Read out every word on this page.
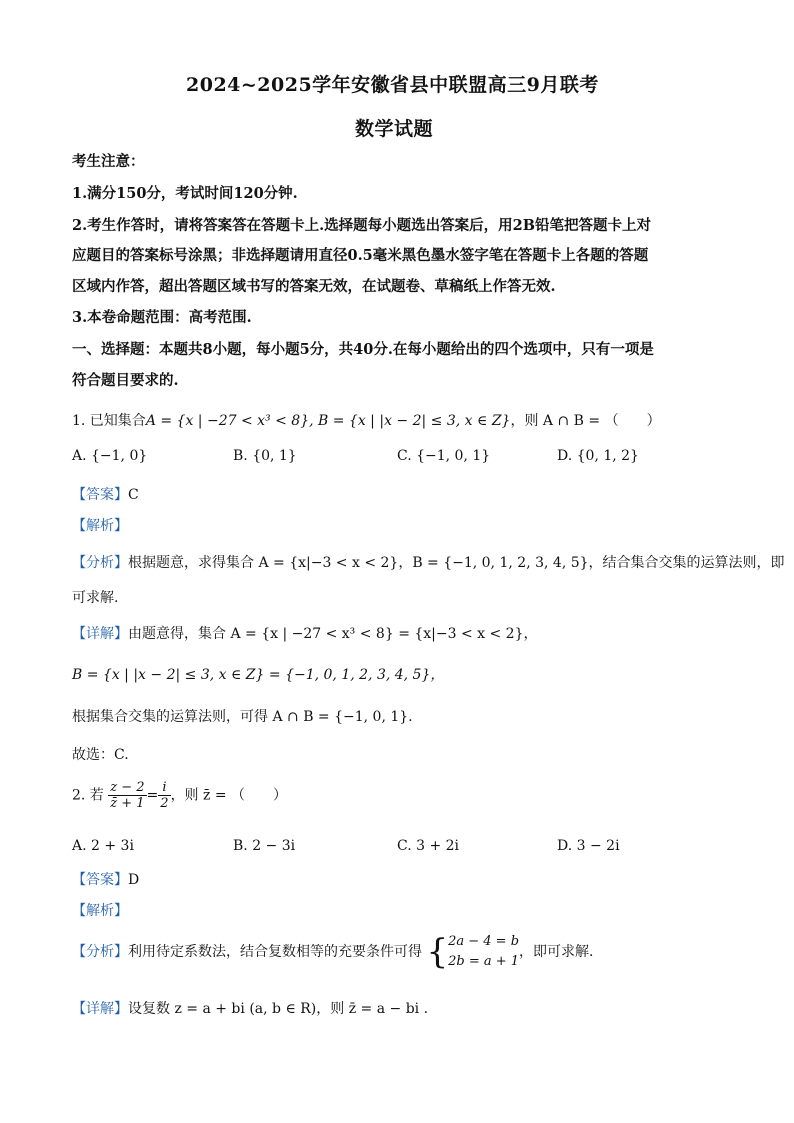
2024~2025学年安徽省县中联盟高三9月联考
数学试题
考生注意：
1.满分150分，考试时间120分钟.
2.考生作答时，请将答案答在答题卡上.选择题每小题选出答案后，用2B铅笔把答题卡上对
应题目的答案标号涂黑；非选择题请用直径0.5毫米黑色墨水签字笔在答题卡上各题的答题
区域内作答，超出答题区域书写的答案无效，在试题卷、草稿纸上作答无效.
3.本卷命题范围：高考范围.
一、选择题：本题共8小题，每小题5分，共40分.在每小题给出的四个选项中，只有一项是
符合题目要求的.
1. 已知集合A = {x | −27 < x³ < 8}, B = {x | |x − 2| ≤ 3, x ∈ Z}，则 A ∩ B = （　　）
A. {−1, 0}	B. {0, 1}	C. {−1, 0, 1}	D. {0, 1, 2}
【答案】C
【解析】
【分析】根据题意，求得集合 A = {x|−3 < x < 2}，B = {−1, 0, 1, 2, 3, 4, 5}，结合集合交集的运算法则，即
可求解.
【详解】由题意得，集合 A = {x | −27 < x³ < 8} = {x|−3 < x < 2}，
B = {x | |x − 2| ≤ 3, x ∈ Z} = {−1, 0, 1, 2, 3, 4, 5}，
根据集合交集的运算法则，可得 A ∩ B = {−1, 0, 1}.
故选：C.
2. 若 $\frac{z - 2}{z̄ + 1} = \frac{i}{2}$ ，则 z̄ = （　　）
A. 2 + 3i	B. 2 − 3i	C. 3 + 2i	D. 3 − 2i
【答案】D
【解析】
【分析】利用待定系数法，结合复数相等的充要条件可得 { 2a − 4 = b
2b = a + 1
，即可求解.
【详解】设复数 z = a + bi (a, b ∈ R)，则 z̄ = a − bi .
